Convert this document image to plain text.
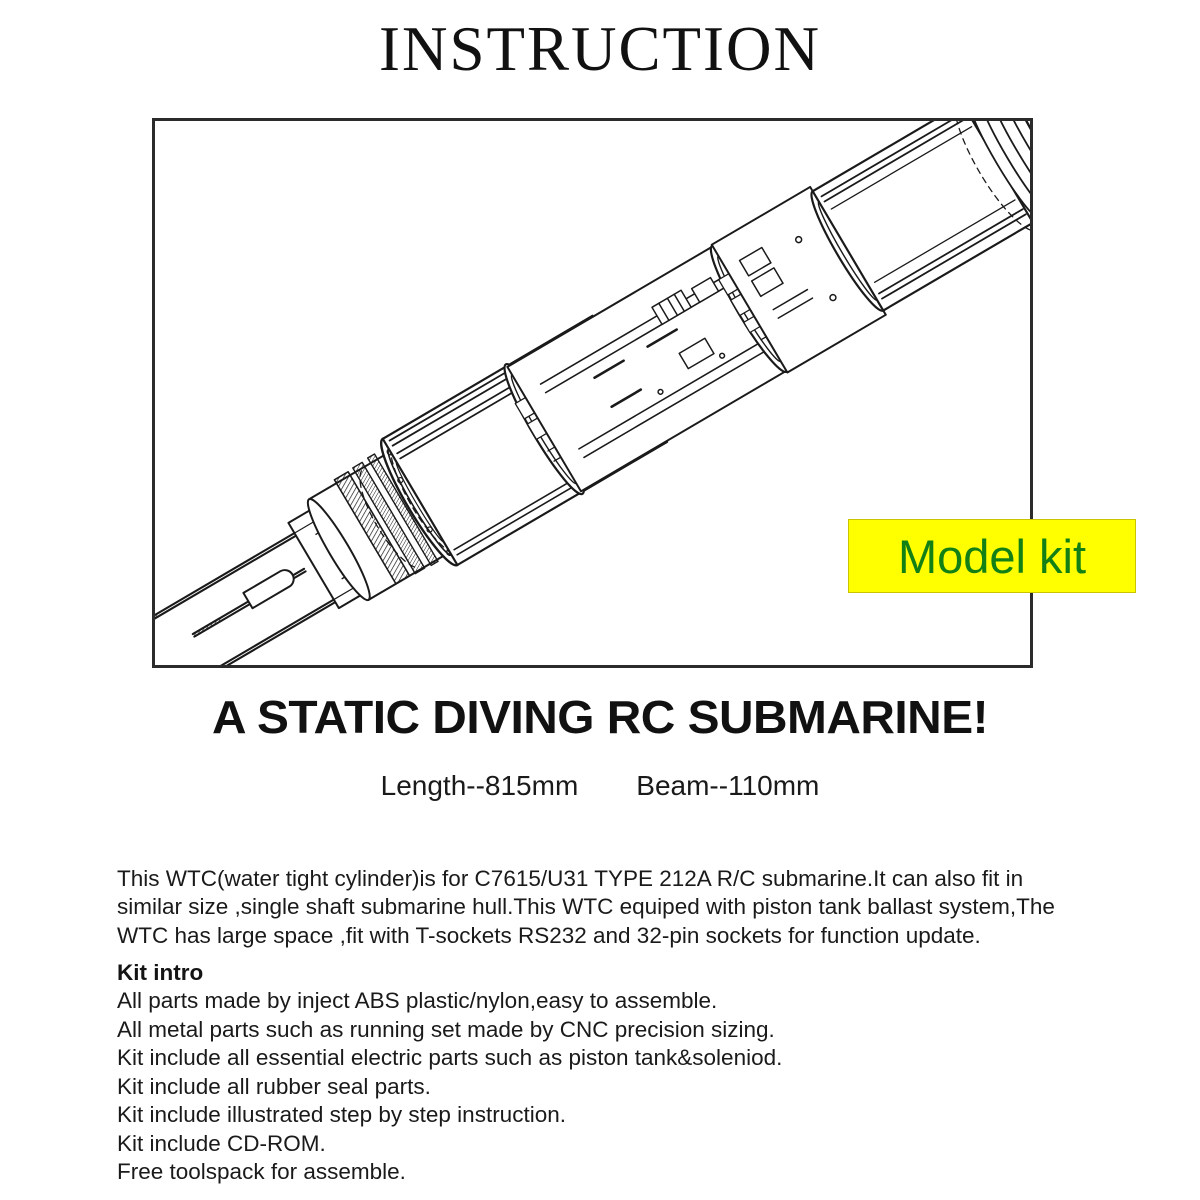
INSTRUCTION
Model kit
A STATIC DIVING RC SUBMARINE!
Length--815mm Beam--110mm

This WTC(water tight cylinder)is for C7615/U31 TYPE 212A R/C submarine.It can also fit in similar size ,single shaft submarine hull.This WTC equiped with piston tank ballast system,The WTC has large space ,fit with T-sockets RS232 and 32-pin sockets for function update.

Kit intro
All parts made by inject ABS plastic/nylon,easy to assemble.
All metal parts such as running set made by CNC precision sizing.
Kit include all essential electric parts such as piston tank&soleniod.
Kit include all rubber seal parts.
Kit include illustrated step by step instruction.
Kit include CD-ROM.
Free toolspack for assemble.
